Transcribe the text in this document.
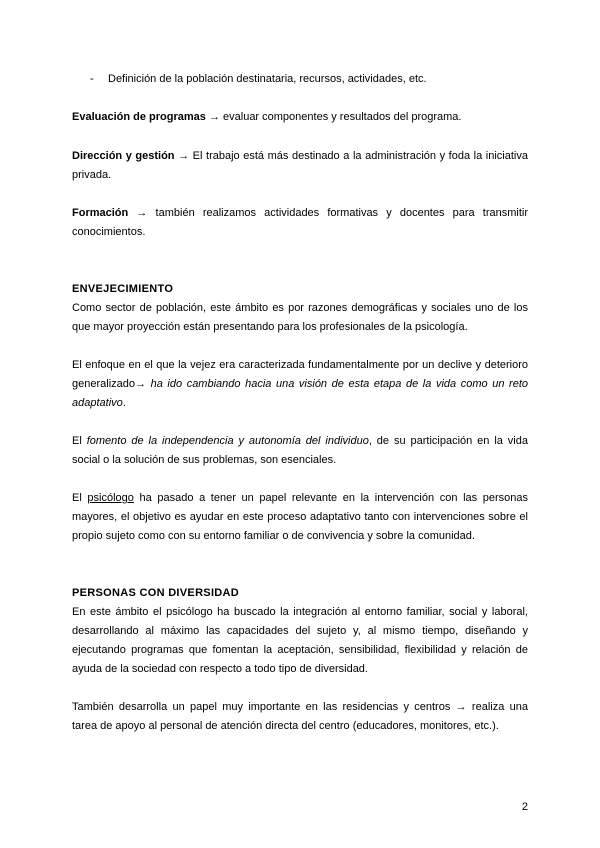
- Definición de la población destinataria, recursos, actividades, etc.
Evaluación de programas → evaluar componentes y resultados del programa.
Dirección y gestión → El trabajo está más destinado a la administración y foda la iniciativa
privada.
Formación → también realizamos actividades formativas y docentes para transmitir
conocimientos.
ENVEJECIMIENTO
Como sector de población, este ámbito es por razones demográficas y sociales uno de los
que mayor proyección están presentando para los profesionales de la psicología.
El enfoque en el que la vejez era caracterizada fundamentalmente por un declive y deterioro
generalizado→ ha ido cambiando hacia una visión de esta etapa de la vida como un reto
adaptativo.
El fomento de la independencia y autonomía del individuo, de su participación en la vida
social o la solución de sus problemas, son esenciales.
El psicólogo ha pasado a tener un papel relevante en la intervención con las personas
mayores, el objetivo es ayudar en este proceso adaptativo tanto con intervenciones sobre el
propio sujeto como con su entorno familiar o de convivencia y sobre la comunidad.
PERSONAS CON DIVERSIDAD
En este ámbito el psicólogo ha buscado la integración al entorno familiar, social y laboral,
desarrollando al máximo las capacidades del sujeto y, al mismo tiempo, diseñando y
ejecutando programas que fomentan la aceptación, sensibilidad, flexibilidad y relación de
ayuda de la sociedad con respecto a todo tipo de diversidad.
También desarrolla un papel muy importante en las residencias y centros → realiza una
tarea de apoyo al personal de atención directa del centro (educadores, monitores, etc.).
2
